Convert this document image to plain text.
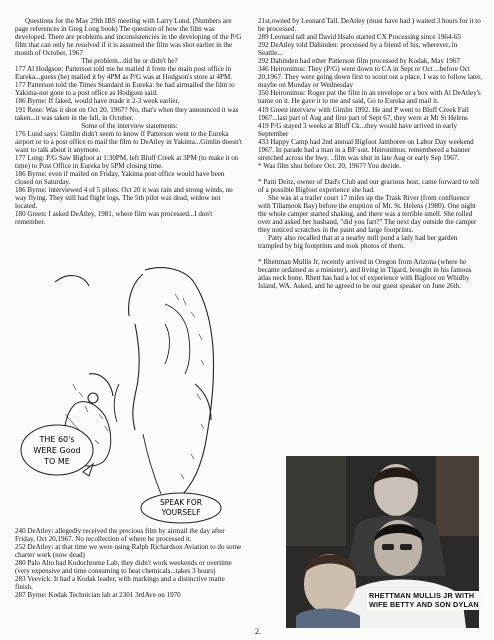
Questions for the May 29th IBS meeting with Larry Lund. (Numbers are page references in Greg Long book) The question of how the film was developed. There are problems and inconsistencies in the developing of the P/G film that can only be resolved if it is assumed the film was shot earlier in the month of October, 1967

The problem...did he or didn't he?

177 Al Hodgson: Patterson told me he mailed it from the main post office in Eureka...guess (he) mailed it by 4PM as P/G was at Hodgson's store at 4PM.

177 Patterson told the Times Standard in Eureka: he had airmailed the film to Yakima-not gone to a post office as Hodgson said.

186 Byrne: If faked, would have made it 2-3 week earlier.

191 Rene: Was it shot on Oct 20, 1967? No, that's when they announced it was taken...it was taken in the fall, in October.

Some of the interview statements:

176 Lund says: Gimlin didn't seem to know if Patterson went to the Eureka airport or to a post office to mail the film to DeAtley in Yakima...Gimlin doesn't want to talk about it anymore.

177 Long: P/G Saw Bigfoot at 1:30PM, left Bluff Creek at 3PM (to make it on time) to Post Office in Eureka by 5PM closing time.

186 Byrne: even if mailed on Friday, Yakima post office would have been closed on Saturday.

186 Byrne: interviewed 4 of 5 pilots. Oct 20 it was rain and strong winds, no way flying. They still had flight logs. The 5th pilot was dead, widow not located.

180 Green: I asked DeAtley, 1981, where film was processed...I don't remember.

THE 60's
WERE Good
TO ME
SPEAK FOR
YOURSELF

240 DeAtley: allegedly received the precious film by airmail the day after Friday, Oct 20,1967. No recollection of where he processed it.

252 DeAtley: at that time we were using Ralph Richardson Aviation to do some charter work (now dead)

280 Palo Alto had Kodochrome Lab, they didn't work weekends or overtime (very expensive and time consuming to heat chemicals...takes 3 hours)

283 Veevick: It had a Kodak leader, with markings and a distinctive matte finish.

287 Byrne: Kodak Technician lab at 2301 3rdAve on 1970

21st,owned by Leonard Tall. DeAtley (must have had ) waited 3 hours for it to be processed.

289 Leonard tall and David Hsalo started CX Processing since 1964-65

292 DeAtley told Dahinden: processed by a friend of his, wherever, in Seattle...

292 Dahinden had other Patterson film processed by Kodak, May 1967

346 Heironimus: They (P/G) went down to CA in Sept or Oct ...before Oct 20,1967. They were going down first to scout out a place. I was to follow later, maybe on Monday or Wednesday

350 Heironimus: Roger put the film in an envelope or a box with Al DeAtley's name on it. He gave it to me and said, Go to Eureka and mail it.

419 Green interview with Gimlin 1992. He and P went to Bluff Creek Fall 1967...last part of Aug and first part of Sept 67, they were at Mt St Helens

419 P/G stayed 3 weeks at Bluff Ck...they would have arrived in early September

433 Happy Camp had 2nd annual Bigfoot Jamboree on Labor Day weekend 1967. In parade had a man in a BF suit. Heironimus. remembered a banner stretched across the hwy. ..film was shot in late Aug or early Sep 1967.

* Was film shot before Oct. 20, 1967? You decide.

* Patti Deitz, owner of Dad's Club and our gracious host, came forward to tell of a possible Bigfoot experience she had.

She was at a trailer court 17 miles up the Trask River (from confluence with Tillamook Bay) before the eruption of Mt. St. Helens (1980). One night the whole camper started shaking, and there was a terrible smell. She rolled over and asked her husband, "did you fart?" The next day outside the camper they noticed scratches in the paint and large footprints.

Patty also recalled that at a nearby mill pond a lady had her garden trampled by big footprints and took photos of them.

* Rhettman Mullis Jr, recently arrived in Oregon from Arizona (where he became ordained as a minister), and living in Tigard, brought in his famous atlas neck bone. Rhett has had a lot of experience with Bigfoot on Whidby Island, WA. Asked, and he agreed to be our guest speaker on June 26th.

RHETTMAN MULLIS JR WITH WIFE BETTY AND SON DYLAN
2.
